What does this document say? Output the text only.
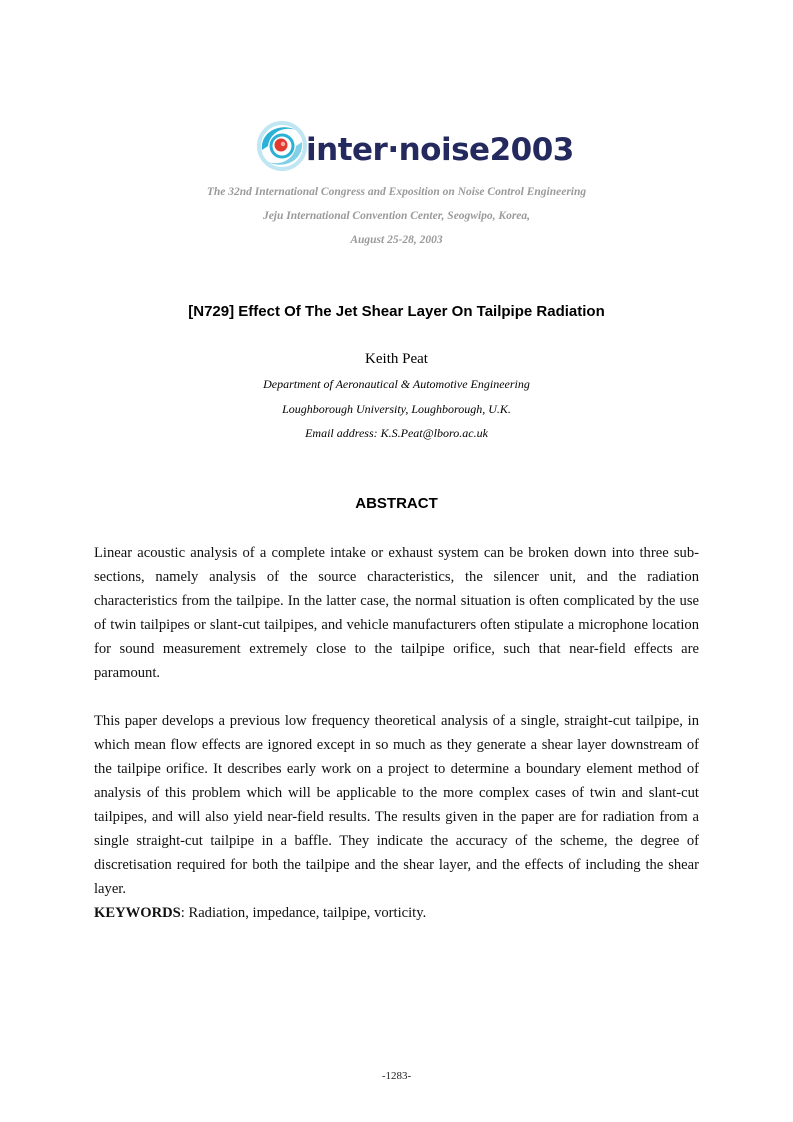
inter·noise2003
The 32nd International Congress and Exposition on Noise Control Engineering
Jeju International Convention Center, Seogwipo, Korea,
August 25-28, 2003
[N729] Effect Of The Jet Shear Layer On Tailpipe Radiation
Keith Peat
Department of Aeronautical & Automotive Engineering
Loughborough University, Loughborough, U.K.
Email address: K.S.Peat@lboro.ac.uk
ABSTRACT
Linear acoustic analysis of a complete intake or exhaust system can be broken down into three sub-sections, namely analysis of the source characteristics, the silencer unit, and the radiation characteristics from the tailpipe. In the latter case, the normal situation is often complicated by the use of twin tailpipes or slant-cut tailpipes, and vehicle manufacturers often stipulate a microphone location for sound measurement extremely close to the tailpipe orifice, such that near-field effects are paramount.
This paper develops a previous low frequency theoretical analysis of a single, straight-cut tailpipe, in which mean flow effects are ignored except in so much as they generate a shear layer downstream of the tailpipe orifice. It describes early work on a project to determine a boundary element method of analysis of this problem which will be applicable to the more complex cases of twin and slant-cut tailpipes, and will also yield near-field results. The results given in the paper are for radiation from a single straight-cut tailpipe in a baffle. They indicate the accuracy of the scheme, the degree of discretisation required for both the tailpipe and the shear layer, and the effects of including the shear layer.
KEYWORDS: Radiation, impedance, tailpipe, vorticity.
-1283-
